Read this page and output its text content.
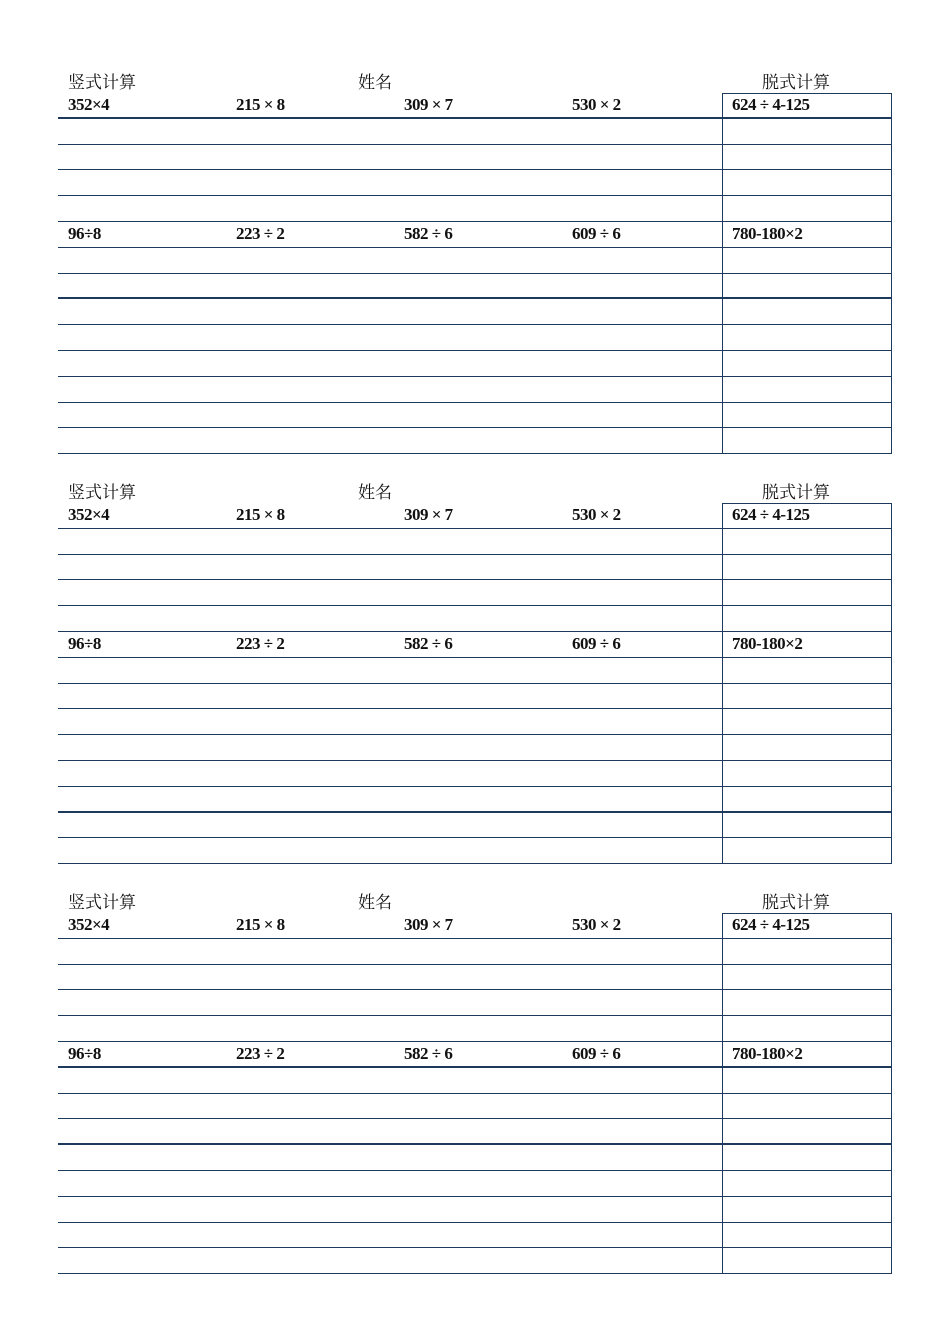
竖式计算	姓名	脱式计算
352×4	215 × 8	309 × 7	530 × 2	624 ÷ 4-125
96÷8	223 ÷ 2	582 ÷ 6	609 ÷ 6	780-180×2
竖式计算	姓名	脱式计算
352×4	215 × 8	309 × 7	530 × 2	624 ÷ 4-125
96÷8	223 ÷ 2	582 ÷ 6	609 ÷ 6	780-180×2
竖式计算	姓名	脱式计算
352×4	215 × 8	309 × 7	530 × 2	624 ÷ 4-125
96÷8	223 ÷ 2	582 ÷ 6	609 ÷ 6	780-180×2
